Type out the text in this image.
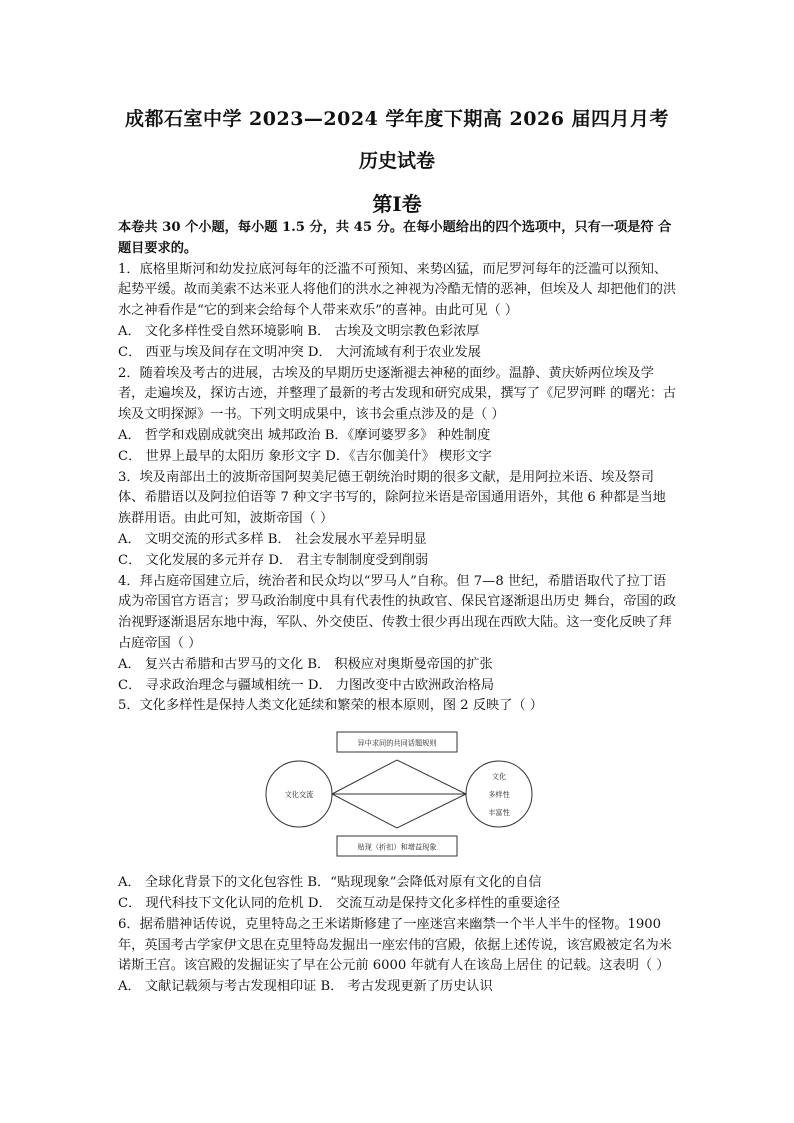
成都石室中学 2023—2024 学年度下期高 2026 届四月月考
历史试卷
第Ⅰ卷

本卷共 30 个小题，每小题 1.5 分，共 45 分。在每小题给出的四个选项中，只有一项是符 合题目要求的。

1．底格里斯河和幼发拉底河每年的泛滥不可预知、来势凶猛，而尼罗河每年的泛滥可以预知、起势平缓。故而美索不达米亚人将他们的洪水之神视为冷酷无情的恶神，但埃及人 却把他们的洪水之神看作是“它的到来会给每个人带来欢乐”的喜神。由此可见（ ）

A． 文化多样性受自然环境影响 B． 古埃及文明宗教色彩浓厚

C． 西亚与埃及间存在文明冲突 D． 大河流域有利于农业发展

2．随着埃及考古的进展，古埃及的早期历史逐渐褪去神秘的面纱。温静、黄庆娇两位埃及学者，走遍埃及，探访古迹，并整理了最新的考古发现和研究成果，撰写了《尼罗河畔 的曙光：古埃及文明探源》一书。下列文明成果中，该书会重点涉及的是（ ）

A． 哲学和戏剧成就突出 城邦政治 B．《摩诃婆罗多》 种姓制度

C． 世界上最早的太阳历 象形文字 D．《吉尔伽美什》 楔形文字

3．埃及南部出土的波斯帝国阿契美尼德王朝统治时期的很多文献，是用阿拉米语、埃及祭司体、希腊语以及阿拉伯语等 7 种文字书写的，除阿拉米语是帝国通用语外，其他 6 种都是当地族群用语。由此可知，波斯帝国（ ）

A． 文明交流的形式多样 B． 社会发展水平差异明显

C． 文化发展的多元并存 D． 君主专制制度受到削弱

4．拜占庭帝国建立后，统治者和民众均以“罗马人”自称。但 7—8 世纪，希腊语取代了拉丁语成为帝国官方语言；罗马政治制度中具有代表性的执政官、保民官逐渐退出历史 舞台，帝国的政治视野逐渐退居东地中海，军队、外交使臣、传教士很少再出现在西欧大陆。这一变化反映了拜占庭帝国（ ）

A． 复兴古希腊和古罗马的文化 B． 积极应对奥斯曼帝国的扩张

C． 寻求政治理念与疆域相统一 D． 力图改变中古欧洲政治格局

5．文化多样性是保持人类文化延续和繁荣的根本原则，图 2 反映了（ ）

异中求同的共同话题规则
文化交流
文化
多样性
丰富性
贴现（折扣）和增益现象

A． 全球化背景下的文化包容性 B．“贴现现象”会降低对原有文化的自信

C． 现代科技下文化认同的危机 D． 交流互动是保持文化多样性的重要途径

6．据希腊神话传说，克里特岛之王米诺斯修建了一座迷宫来幽禁一个半人半牛的怪物。1900 年，英国考古学家伊文思在克里特岛发掘出一座宏伟的宫殿，依据上述传说，该宫殿被定名为米诺斯王宫。该宫殿的发掘证实了早在公元前 6000 年就有人在该岛上居住 的记载。这表明（ ）

A． 文献记载须与考古发现相印证 B． 考古发现更新了历史认识
